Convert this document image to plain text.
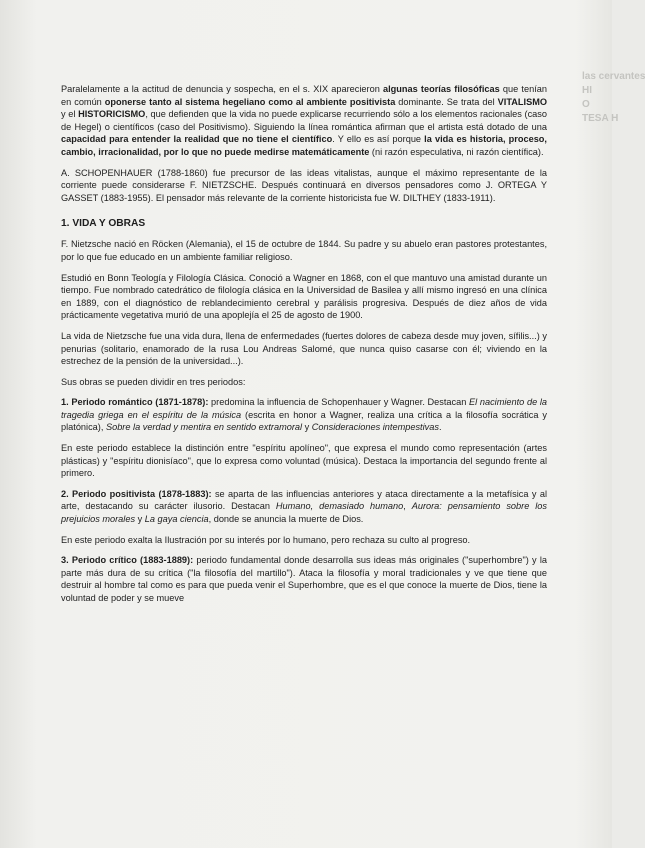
las cervantes
HI
O
TESA H

Paralelamente a la actitud de denuncia y sospecha, en el s. XIX aparecieron algunas teorías filosóficas que tenían en común oponerse tanto al sistema hegeliano como al ambiente positivista dominante. Se trata del VITALISMO y el HISTORICISMO, que defienden que la vida no puede explicarse recurriendo sólo a los elementos racionales (caso de Hegel) o científicos (caso del Positivismo). Siguiendo la línea romántica afirman que el artista está dotado de una capacidad para entender la realidad que no tiene el científico. Y ello es así porque la vida es historia, proceso, cambio, irracionalidad, por lo que no puede medirse matemáticamente (ni razón especulativa, ni razón científica).

A. SCHOPENHAUER (1788-1860) fue precursor de las ideas vitalistas, aunque el máximo representante de la corriente puede considerarse F. NIETZSCHE. Después continuará en diversos pensadores como J. ORTEGA Y GASSET (1883-1955). El pensador más relevante de la corriente historicista fue W. DILTHEY (1833-1911).

1. VIDA Y OBRAS

F. Nietzsche nació en Röcken (Alemania), el 15 de octubre de 1844. Su padre y su abuelo eran pastores protestantes, por lo que fue educado en un ambiente familiar religioso.

Estudió en Bonn Teología y Filología Clásica. Conoció a Wagner en 1868, con el que mantuvo una amistad durante un tiempo. Fue nombrado catedrático de filología clásica en la Universidad de Basilea y allí mismo ingresó en una clínica en 1889, con el diagnóstico de reblandecimiento cerebral y parálisis progresiva. Después de diez años de vida prácticamente vegetativa murió de una apoplejía el 25 de agosto de 1900.

La vida de Nietzsche fue una vida dura, llena de enfermedades (fuertes dolores de cabeza desde muy joven, sífilis...) y penurias (solitario, enamorado de la rusa Lou Andreas Salomé, que nunca quiso casarse con él; viviendo en la estrechez de la pensión de la universidad...).

Sus obras se pueden dividir en tres periodos:

1. Periodo romántico (1871-1878): predomina la influencia de Schopenhauer y Wagner. Destacan El nacimiento de la tragedia griega en el espíritu de la música (escrita en honor a Wagner, realiza una crítica a la filosofía socrática y platónica), Sobre la verdad y mentira en sentido extramoral y Consideraciones intempestivas.

En este periodo establece la distinción entre "espíritu apolíneo", que expresa el mundo como representación (artes plásticas) y "espíritu dionisíaco", que lo expresa como voluntad (música). Destaca la importancia del segundo frente al primero.

2. Periodo positivista (1878-1883): se aparta de las influencias anteriores y ataca directamente a la metafísica y al arte, destacando su carácter ilusorio. Destacan Humano, demasiado humano, Aurora: pensamiento sobre los prejuicios morales y La gaya ciencia, donde se anuncia la muerte de Dios.

En este periodo exalta la Ilustración por su interés por lo humano, pero rechaza su culto al progreso.

3. Periodo crítico (1883-1889): periodo fundamental donde desarrolla sus ideas más originales ("superhombre") y la parte más dura de su crítica ("la filosofía del martillo"). Ataca la filosofía y moral tradicionales y ve que tiene que destruir al hombre tal como es para que pueda venir el Superhombre, que es el que conoce la muerte de Dios, tiene la voluntad de poder y se mueve
